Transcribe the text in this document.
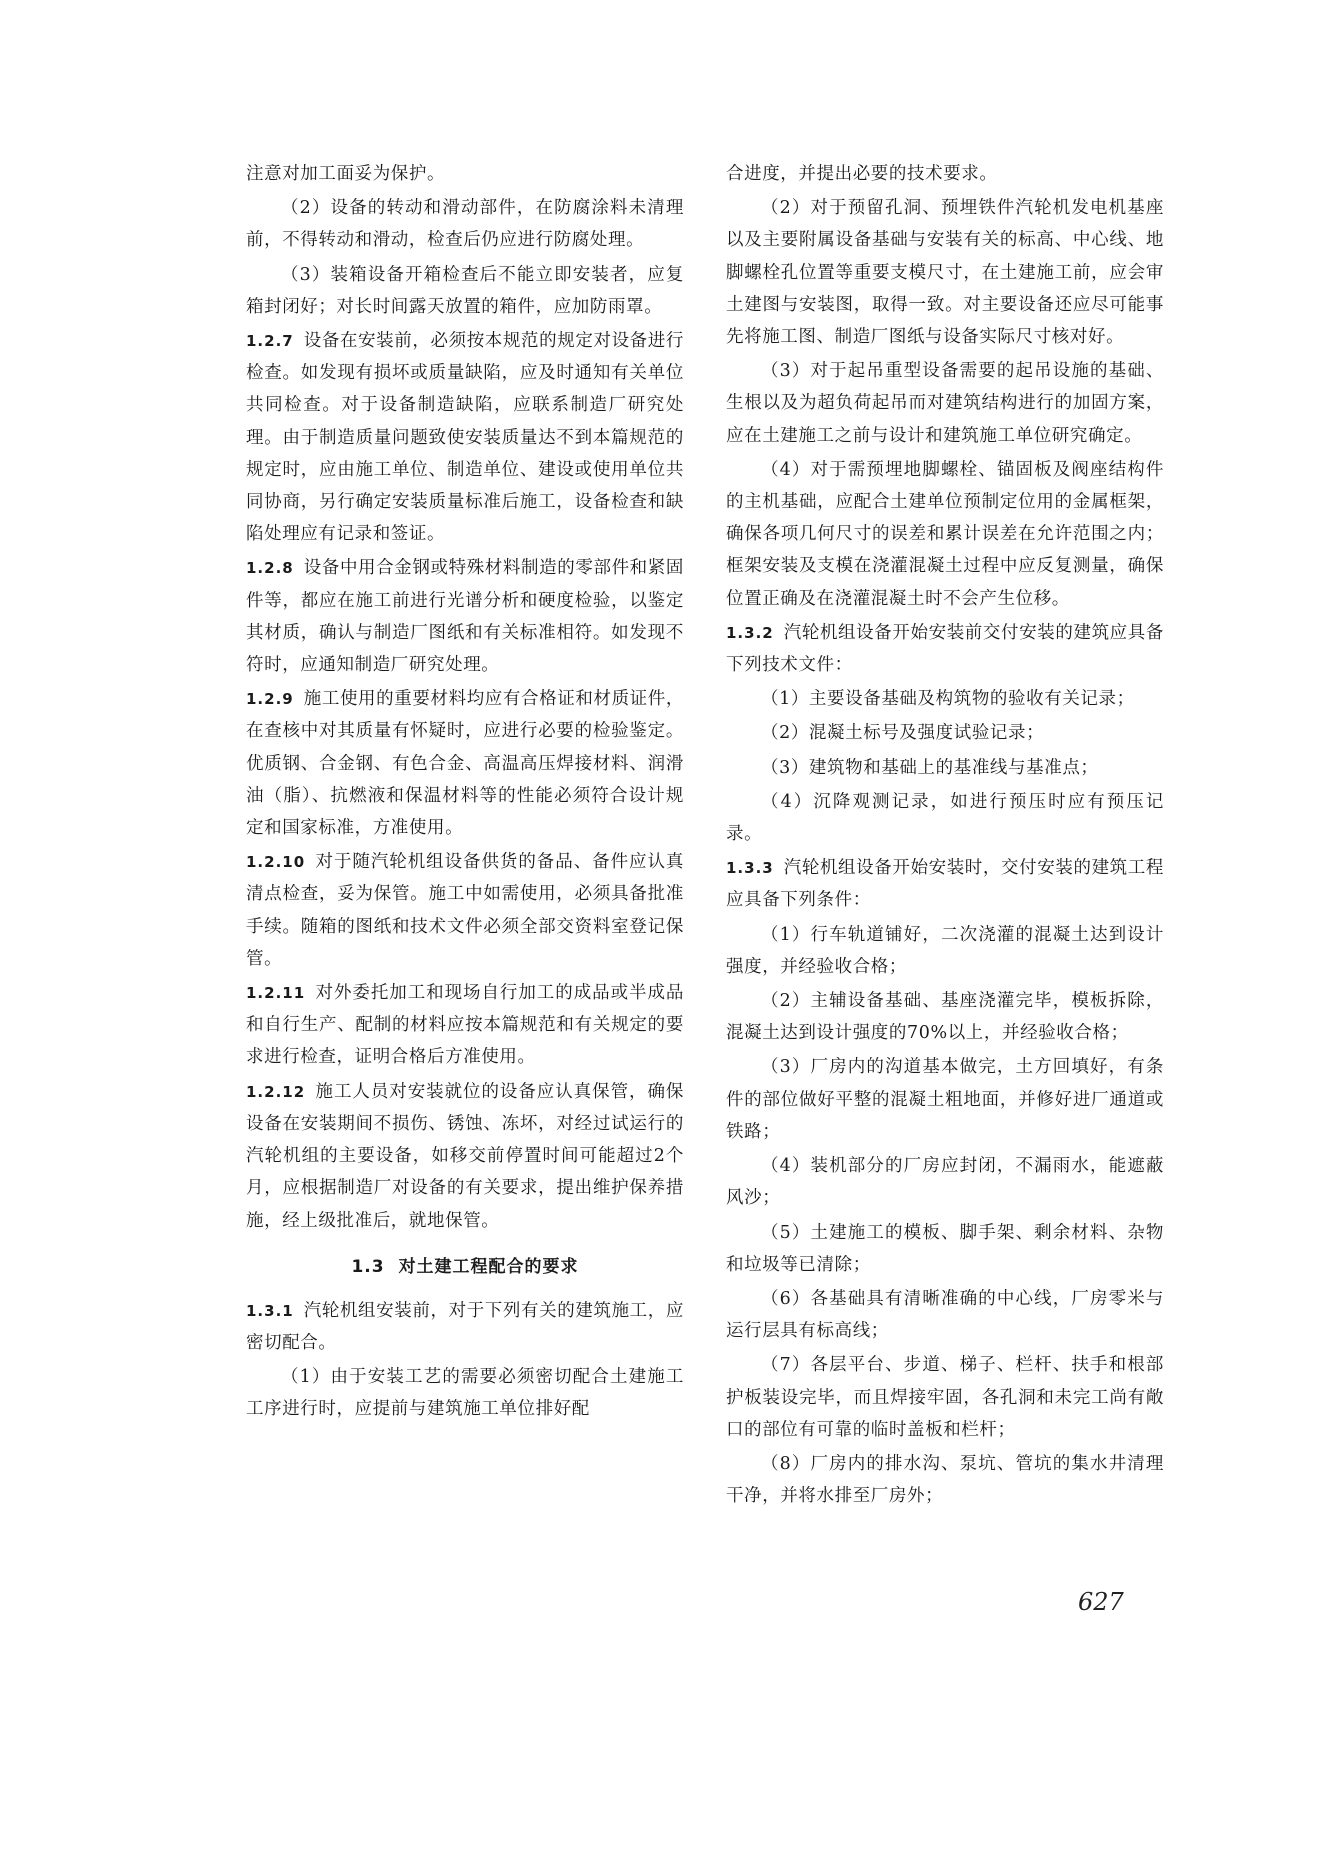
注意对加工面妥为保护。

（2）设备的转动和滑动部件，在防腐涂料未清理前，不得转动和滑动，检查后仍应进行防腐处理。

（3）装箱设备开箱检查后不能立即安装者，应复箱封闭好；对长时间露天放置的箱件，应加防雨罩。

1.2.7 设备在安装前，必须按本规范的规定对设备进行检查。如发现有损坏或质量缺陷，应及时通知有关单位共同检查。对于设备制造缺陷，应联系制造厂研究处理。由于制造质量问题致使安装质量达不到本篇规范的规定时，应由施工单位、制造单位、建设或使用单位共同协商，另行确定安装质量标准后施工，设备检查和缺陷处理应有记录和签证。

1.2.8 设备中用合金钢或特殊材料制造的零部件和紧固件等，都应在施工前进行光谱分析和硬度检验，以鉴定其材质，确认与制造厂图纸和有关标准相符。如发现不符时，应通知制造厂研究处理。

1.2.9 施工使用的重要材料均应有合格证和材质证件，在查核中对其质量有怀疑时，应进行必要的检验鉴定。优质钢、合金钢、有色合金、高温高压焊接材料、润滑油（脂）、抗燃液和保温材料等的性能必须符合设计规定和国家标准，方准使用。

1.2.10 对于随汽轮机组设备供货的备品、备件应认真清点检查，妥为保管。施工中如需使用，必须具备批准手续。随箱的图纸和技术文件必须全部交资料室登记保管。

1.2.11 对外委托加工和现场自行加工的成品或半成品和自行生产、配制的材料应按本篇规范和有关规定的要求进行检查，证明合格后方准使用。

1.2.12 施工人员对安装就位的设备应认真保管，确保设备在安装期间不损伤、锈蚀、冻坏，对经过试运行的汽轮机组的主要设备，如移交前停置时间可能超过2个月，应根据制造厂对设备的有关要求，提出维护保养措施，经上级批准后，就地保管。

1.3 对土建工程配合的要求

1.3.1 汽轮机组安装前，对于下列有关的建筑施工，应密切配合。

（1）由于安装工艺的需要必须密切配合土建施工工序进行时，应提前与建筑施工单位排好配

合进度，并提出必要的技术要求。

（2）对于预留孔洞、预埋铁件汽轮机发电机基座以及主要附属设备基础与安装有关的标高、中心线、地脚螺栓孔位置等重要支模尺寸，在土建施工前，应会审土建图与安装图，取得一致。对主要设备还应尽可能事先将施工图、制造厂图纸与设备实际尺寸核对好。

（3）对于起吊重型设备需要的起吊设施的基础、生根以及为超负荷起吊而对建筑结构进行的加固方案，应在土建施工之前与设计和建筑施工单位研究确定。

（4）对于需预埋地脚螺栓、锚固板及阀座结构件的主机基础，应配合土建单位预制定位用的金属框架，确保各项几何尺寸的误差和累计误差在允许范围之内；框架安装及支模在浇灌混凝土过程中应反复测量，确保位置正确及在浇灌混凝土时不会产生位移。

1.3.2 汽轮机组设备开始安装前交付安装的建筑应具备下列技术文件：

（1）主要设备基础及构筑物的验收有关记录；

（2）混凝土标号及强度试验记录；

（3）建筑物和基础上的基准线与基准点；

（4）沉降观测记录，如进行预压时应有预压记录。

1.3.3 汽轮机组设备开始安装时，交付安装的建筑工程应具备下列条件：

（1）行车轨道铺好，二次浇灌的混凝土达到设计强度，并经验收合格；

（2）主辅设备基础、基座浇灌完毕，模板拆除，混凝土达到设计强度的70%以上，并经验收合格；

（3）厂房内的沟道基本做完，土方回填好，有条件的部位做好平整的混凝土粗地面，并修好进厂通道或铁路；

（4）装机部分的厂房应封闭，不漏雨水，能遮蔽风沙；

（5）土建施工的模板、脚手架、剩余材料、杂物和垃圾等已清除；

（6）各基础具有清晰准确的中心线，厂房零米与运行层具有标高线；

（7）各层平台、步道、梯子、栏杆、扶手和根部护板装设完毕，而且焊接牢固，各孔洞和未完工尚有敞口的部位有可靠的临时盖板和栏杆；

（8）厂房内的排水沟、泵坑、管坑的集水井清理干净，并将水排至厂房外；

627
